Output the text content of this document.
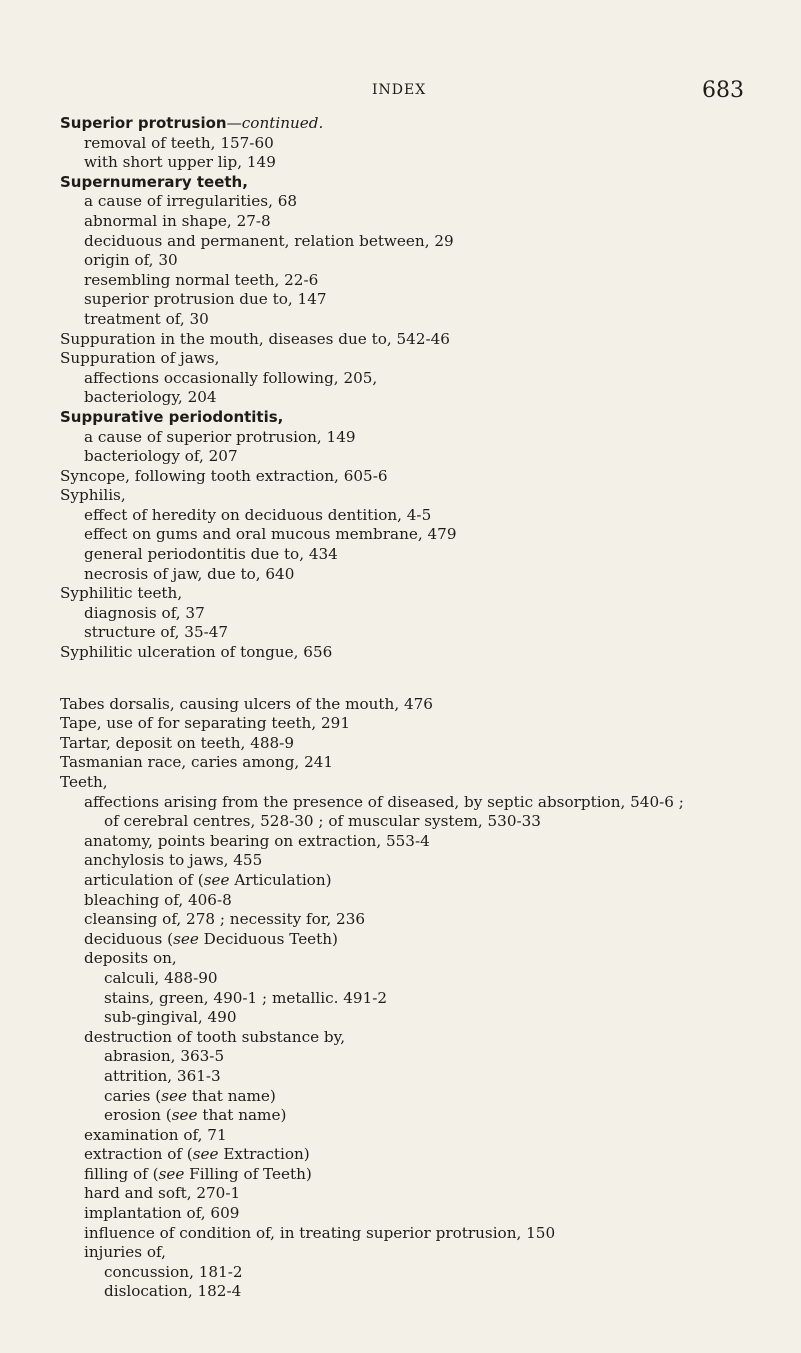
INDEX	683
Superior protrusion—continued.
removal of teeth, 157-60
with short upper lip, 149
Supernumerary teeth,
a cause of irregularities, 68
abnormal in shape, 27-8
deciduous and permanent, relation between, 29
origin of, 30
resembling normal teeth, 22-6
superior protrusion due to, 147
treatment of, 30
Suppuration in the mouth, diseases due to, 542-46
Suppuration of jaws,
affections occasionally following, 205,
bacteriology, 204
Suppurative periodontitis,
a cause of superior protrusion, 149
bacteriology of, 207
Syncope, following tooth extraction, 605-6
Syphilis,
effect of heredity on deciduous dentition, 4-5
effect on gums and oral mucous membrane, 479
general periodontitis due to, 434
necrosis of jaw, due to, 640
Syphilitic teeth,
diagnosis of, 37
structure of, 35-47
Syphilitic ulceration of tongue, 656
Tabes dorsalis, causing ulcers of the mouth, 476
Tape, use of for separating teeth, 291
Tartar, deposit on teeth, 488-9
Tasmanian race, caries among, 241
Teeth,
affections arising from the presence of diseased, by septic absorption, 540-6 ;
of cerebral centres, 528-30 ; of muscular system, 530-33
anatomy, points bearing on extraction, 553-4
anchylosis to jaws, 455
articulation of (see Articulation)
bleaching of, 406-8
cleansing of, 278 ; necessity for, 236
deciduous (see Deciduous Teeth)
deposits on,
calculi, 488-90
stains, green, 490-1 ; metallic. 491-2
sub-gingival, 490
destruction of tooth substance by,
abrasion, 363-5
attrition, 361-3
caries (see that name)
erosion (see that name)
examination of, 71
extraction of (see Extraction)
filling of (see Filling of Teeth)
hard and soft, 270-1
implantation of, 609
influence of condition of, in treating superior protrusion, 150
injuries of,
concussion, 181-2
dislocation, 182-4
